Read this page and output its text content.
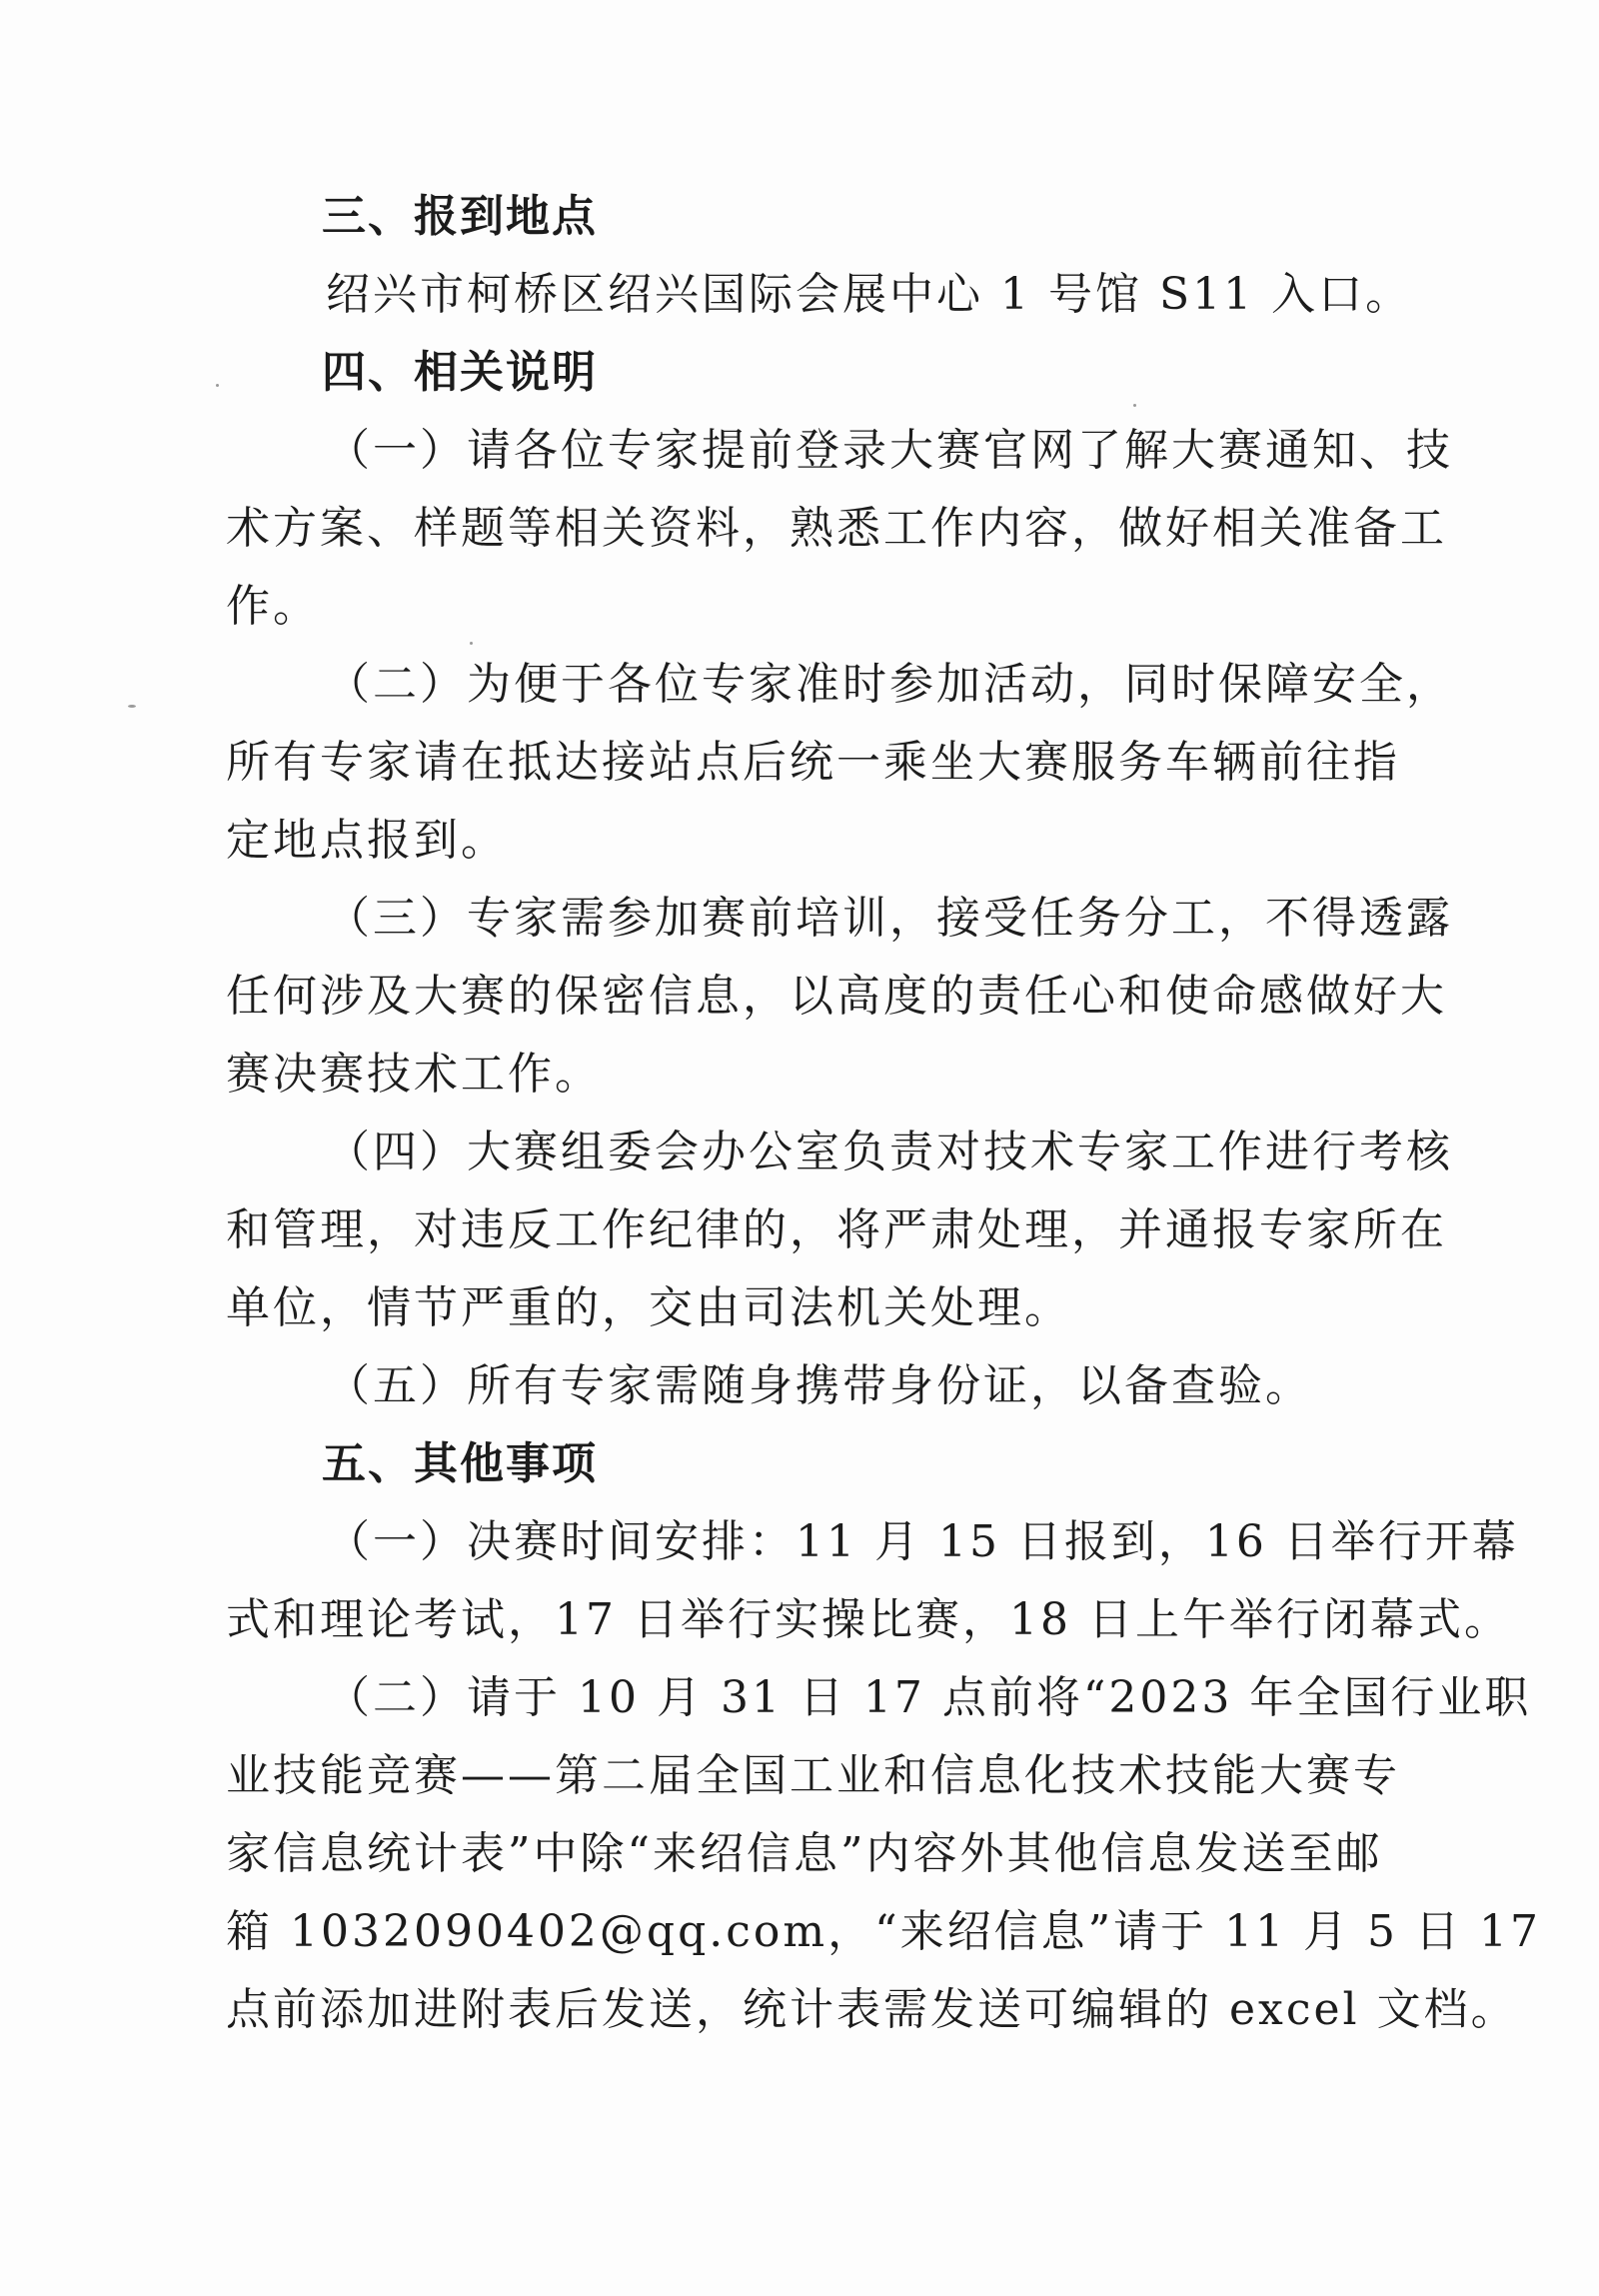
三、报到地点
绍兴市柯桥区绍兴国际会展中心 1 号馆 S11 入口。
四、相关说明
（一）请各位专家提前登录大赛官网了解大赛通知、技
术方案、样题等相关资料，熟悉工作内容，做好相关准备工
作。
（二）为便于各位专家准时参加活动，同时保障安全，
所有专家请在抵达接站点后统一乘坐大赛服务车辆前往指
定地点报到。
（三）专家需参加赛前培训，接受任务分工，不得透露
任何涉及大赛的保密信息，以高度的责任心和使命感做好大
赛决赛技术工作。
（四）大赛组委会办公室负责对技术专家工作进行考核
和管理，对违反工作纪律的，将严肃处理，并通报专家所在
单位，情节严重的，交由司法机关处理。
（五）所有专家需随身携带身份证，以备查验。
五、其他事项
（一）决赛时间安排：11 月 15 日报到，16 日举行开幕
式和理论考试，17 日举行实操比赛，18 日上午举行闭幕式。
（二）请于 10 月 31 日 17 点前将“2023 年全国行业职
业技能竞赛——第二届全国工业和信息化技术技能大赛专
家信息统计表”中除“来绍信息”内容外其他信息发送至邮
箱 1032090402@qq.com，“来绍信息”请于 11 月 5 日 17
点前添加进附表后发送，统计表需发送可编辑的 excel 文档。
